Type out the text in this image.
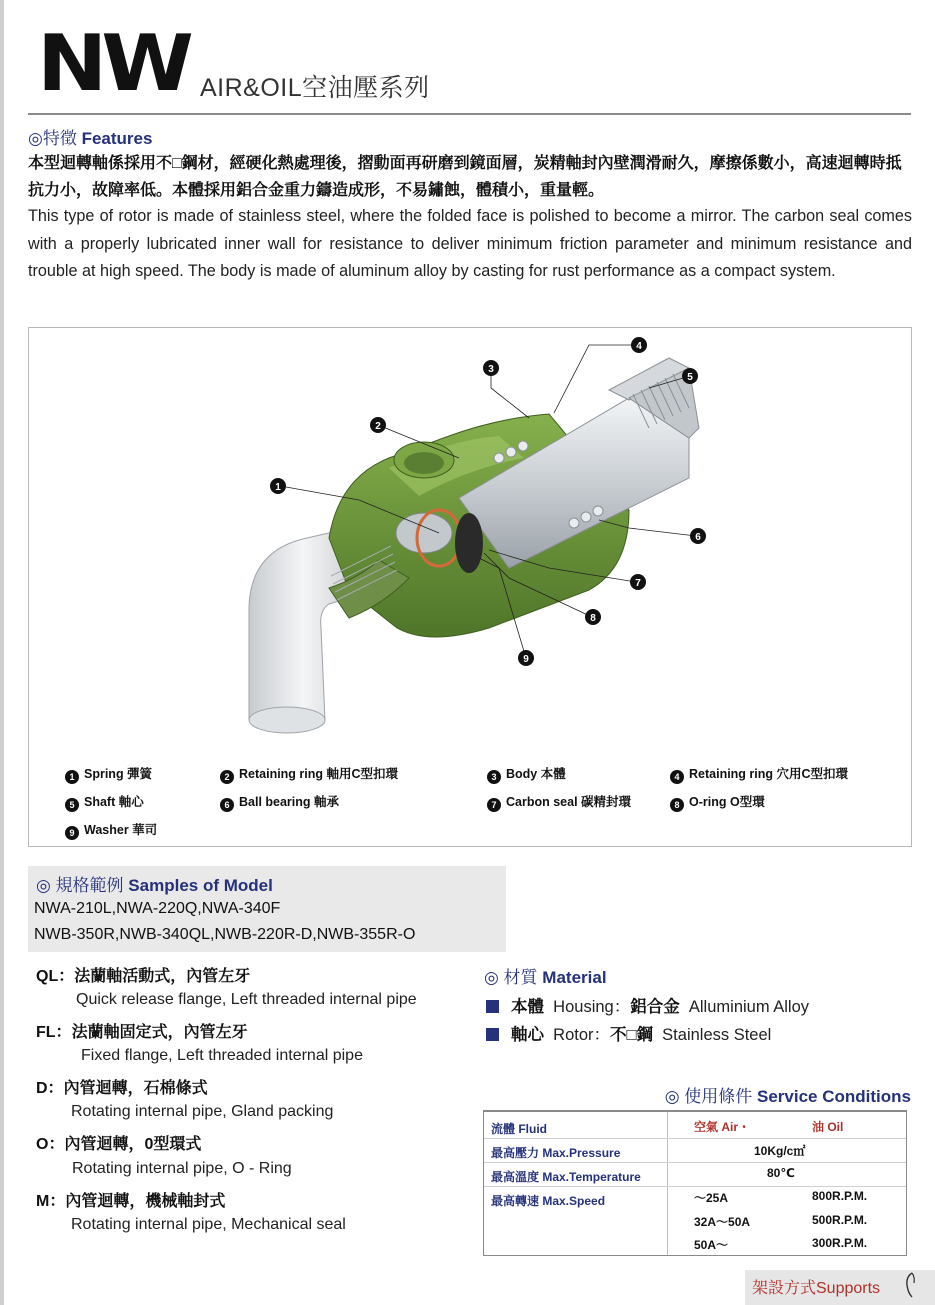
NW AIR&OIL空油壓系列
◎特徵 Features
本型迴轉軸係採用不□鋼材，經硬化熱處理後，摺動面再研磨到鏡面層，炭精軸封內壁潤滑耐久，摩擦係數小，高速迴轉時抵抗力小，故障率低。本體採用鋁合金重力鑄造成形，不易鏽蝕，體積小，重量輕。
This type of rotor is made of stainless steel, where the folded face is polished to become a mirror. The carbon seal comes with a properly lubricated inner wall for resistance to deliver minimum friction parameter and minimum resistance and trouble at high speed. The body is made of aluminum alloy by casting for rust performance as a compact system.
1
2
3
4
5
6
7
8
9
1 Spring 彈簧	2 Retaining ring 軸用C型扣環	3 Body 本體	4 Retaining ring 穴用C型扣環
5 Shaft 軸心	6 Ball bearing 軸承	7 Carbon seal 碳精封環	8 O-ring O型環
9 Washer 華司
◎ 規格範例 Samples of Model
NWA-210L,NWA-220Q,NWA-340F
NWB-350R,NWB-340QL,NWB-220R-D,NWB-355R-O
QL：法蘭軸活動式，內管左牙
Quick release flange, Left threaded internal pipe
FL：法蘭軸固定式，內管左牙
Fixed flange, Left threaded internal pipe
D：內管迴轉，石棉條式
Rotating internal pipe, Gland packing
O：內管迴轉，0型環式
Rotating internal pipe, O - Ring
M：內管迴轉，機械軸封式
Rotating internal pipe, Mechanical seal
◎ 材質 Material
本體 Housing：鋁合金 Alluminium Alloy
軸心 Rotor：不□鋼 Stainless Steel
◎ 使用條件 Service Conditions
流體 Fluid	空氣 Air・	油 Oil
最高壓力 Max.Pressure	10Kg/c㎡
最高溫度 Max.Temperature	80℃
最高轉速 Max.Speed	～25A	800R.P.M.
32A～50A	500R.P.M.
50A～	300R.P.M.
架設方式Supports
